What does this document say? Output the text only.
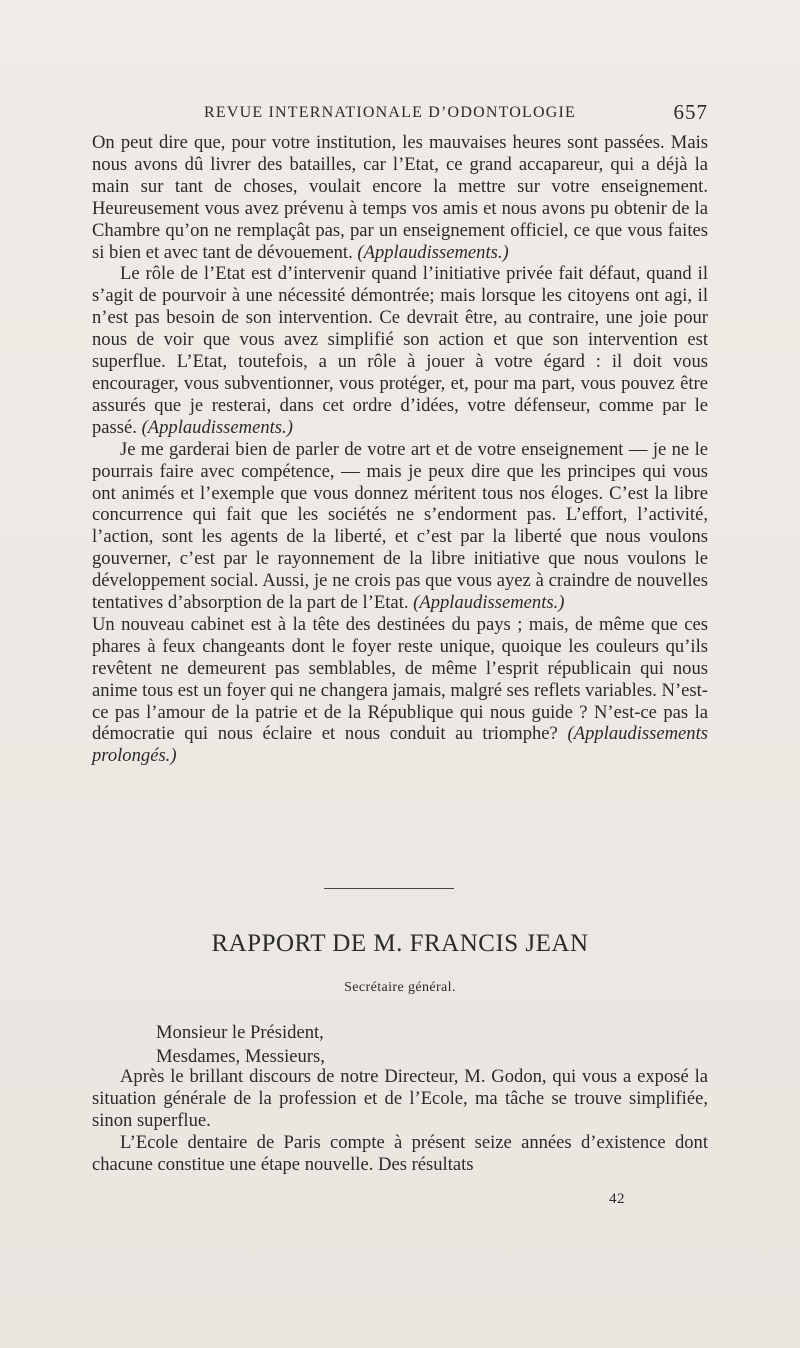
REVUE INTERNATIONALE D’ODONTOLOGIE	657

On peut dire que, pour votre institution, les mauvaises heures sont passées. Mais nous avons dû livrer des batailles, car l’Etat, ce grand accapareur, qui a déjà la main sur tant de choses, voulait encore la mettre sur votre enseignement. Heureusement vous avez prévenu à temps vos amis et nous avons pu obtenir de la Chambre qu’on ne remplaçât pas, par un enseignement officiel, ce que vous faites si bien et avec tant de dévouement. (Applaudissements.)

Le rôle de l’Etat est d’intervenir quand l’initiative privée fait défaut, quand il s’agit de pourvoir à une nécessité démontrée; mais lorsque les citoyens ont agi, il n’est pas besoin de son intervention. Ce devrait être, au contraire, une joie pour nous de voir que vous avez simplifié son action et que son intervention est superflue. L’Etat, toutefois, a un rôle à jouer à votre égard : il doit vous encourager, vous subventionner, vous protéger, et, pour ma part, vous pouvez être assurés que je resterai, dans cet ordre d’idées, votre défenseur, comme par le passé. (Applaudissements.)

Je me garderai bien de parler de votre art et de votre enseignement — je ne le pourrais faire avec compétence, — mais je peux dire que les principes qui vous ont animés et l’exemple que vous donnez méritent tous nos éloges. C’est la libre concurrence qui fait que les sociétés ne s’endorment pas. L’effort, l’activité, l’action, sont les agents de la liberté, et c’est par la liberté que nous voulons gouverner, c’est par le rayonnement de la libre initiative que nous voulons le développement social. Aussi, je ne crois pas que vous ayez à craindre de nouvelles tentatives d’absorption de la part de l’Etat. (Applaudissements.)

Un nouveau cabinet est à la tête des destinées du pays ; mais, de même que ces phares à feux changeants dont le foyer reste unique, quoique les couleurs qu’ils revêtent ne demeurent pas semblables, de même l’esprit républicain qui nous anime tous est un foyer qui ne changera jamais, malgré ses reflets variables. N’est-ce pas l’amour de la patrie et de la République qui nous guide ? N’est-ce pas la démocratie qui nous éclaire et nous conduit au triomphe? (Applaudissements prolongés.)

RAPPORT DE M. FRANCIS JEAN
Secrétaire général.
Monsieur le Président,
Mesdames, Messieurs,

Après le brillant discours de notre Directeur, M. Godon, qui vous a exposé la situation générale de la profession et de l’Ecole, ma tâche se trouve simplifiée, sinon superflue.

L’Ecole dentaire de Paris compte à présent seize années d’existence dont chacune constitue une étape nouvelle. Des résultats

42
